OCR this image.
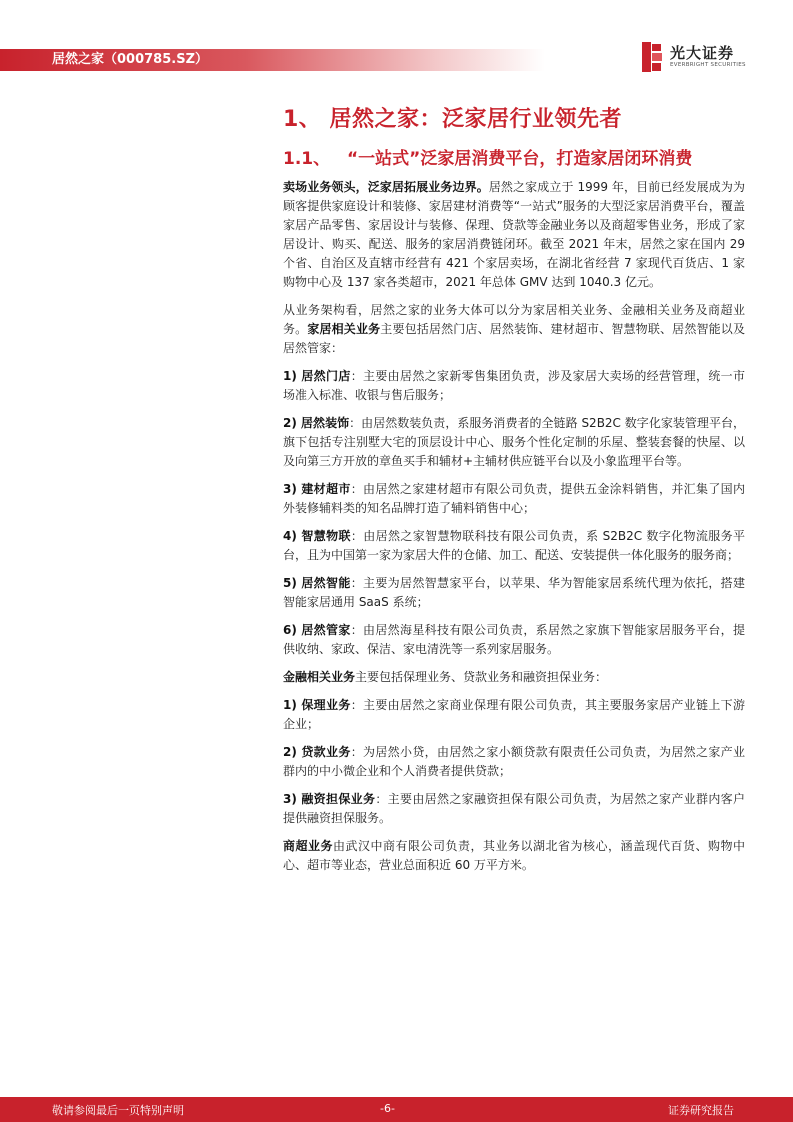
居然之家（000785.SZ）	光大证券
EVERBRIGHT SECURITIES
1、 居然之家：泛家居行业领先者
1.1、 “一站式”泛家居消费平台，打造家居闭环消费

卖场业务领头，泛家居拓展业务边界。居然之家成立于 1999 年，目前已经发展成为为顾客提供家庭设计和装修、家居建材消费等“一站式”服务的大型泛家居消费平台，覆盖家居产品零售、家居设计与装修、保理、贷款等金融业务以及商超零售业务，形成了家居设计、购买、配送、服务的家居消费链闭环。截至 2021 年末，居然之家在国内 29 个省、自治区及直辖市经营有 421 个家居卖场，在湖北省经营 7 家现代百货店、1 家购物中心及 137 家各类超市，2021 年总体 GMV 达到 1040.3 亿元。

从业务架构看，居然之家的业务大体可以分为家居相关业务、金融相关业务及商超业务。家居相关业务主要包括居然门店、居然装饰、建材超市、智慧物联、居然智能以及居然管家：

1) 居然门店：主要由居然之家新零售集团负责，涉及家居大卖场的经营管理，统一市场准入标准、收银与售后服务；

2) 居然装饰：由居然数装负责，系服务消费者的全链路 S2B2C 数字化家装管理平台，旗下包括专注别墅大宅的顶层设计中心、服务个性化定制的乐屋、整装套餐的快屋、以及向第三方开放的章鱼买手和辅材+主辅材供应链平台以及小象监理平台等。

3) 建材超市：由居然之家建材超市有限公司负责，提供五金涂料销售，并汇集了国内外装修辅料类的知名品牌打造了辅料销售中心；

4) 智慧物联：由居然之家智慧物联科技有限公司负责，系 S2B2C 数字化物流服务平台，且为中国第一家为家居大件的仓储、加工、配送、安装提供一体化服务的服务商；

5) 居然智能：主要为居然智慧家平台，以苹果、华为智能家居系统代理为依托，搭建智能家居通用 SaaS 系统；

6) 居然管家：由居然海星科技有限公司负责，系居然之家旗下智能家居服务平台，提供收纳、家政、保洁、家电清洗等一系列家居服务。

金融相关业务主要包括保理业务、贷款业务和融资担保业务：

1) 保理业务：主要由居然之家商业保理有限公司负责，其主要服务家居产业链上下游企业；

2) 贷款业务：为居然小贷，由居然之家小额贷款有限责任公司负责，为居然之家产业群内的中小微企业和个人消费者提供贷款；

3) 融资担保业务：主要由居然之家融资担保有限公司负责，为居然之家产业群内客户提供融资担保服务。

商超业务由武汉中商有限公司负责，其业务以湖北省为核心，涵盖现代百货、购物中心、超市等业态，营业总面积近 60 万平方米。

敬请参阅最后一页特别声明	-6-	证券研究报告
